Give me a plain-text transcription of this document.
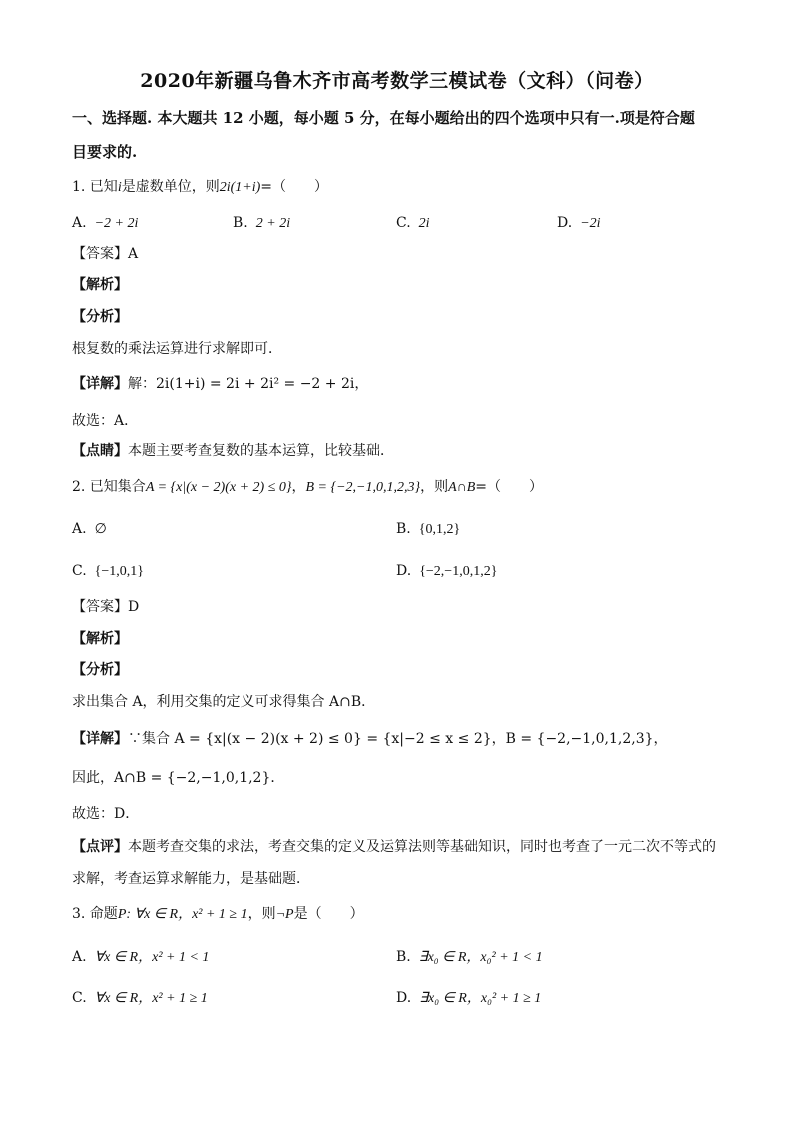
2020年新疆乌鲁木齐市高考数学三模试卷（文科）（问卷）
一、选择题. 本大题共 12 小题，每小题 5 分，在每小题给出的四个选项中只有一.项是符合题
目要求的.
1. 已知i是虚数单位，则2i(1+i)=（　　）
A. −2 + 2i	B. 2 + 2i	C. 2i	D. −2i
【答案】A
【解析】
【分析】
根复数的乘法运算进行求解即可．
【详解】解：2i(1+i) = 2i + 2i² = −2 + 2i，
故选：A．
【点睛】本题主要考查复数的基本运算，比较基础．
2. 已知集合A = {x|(x − 2)(x + 2) ≤ 0}，B = {−2,−1,0,1,2,3}，则A∩B=（　　）
A. ∅	B. {0,1,2}
C. {−1,0,1}	D. {−2,−1,0,1,2}
【答案】D
【解析】
【分析】
求出集合 A，利用交集的定义可求得集合 A∩B．
【详解】∵集合 A = {x|(x − 2)(x + 2) ≤ 0} = {x|−2 ≤ x ≤ 2}，B = {−2,−1,0,1,2,3}，
因此，A∩B = {−2,−1,0,1,2}．
故选：D．
【点评】本题考查交集的求法，考查交集的定义及运算法则等基础知识，同时也考查了一元二次不等式的
求解，考查运算求解能力，是基础题．
3. 命题P: ∀x ∈ R，x² + 1 ≥ 1，则¬P是（　　）
A. ∀x ∈ R，x² + 1 < 1	B. ∃x₀ ∈ R，x₀² + 1 < 1
C. ∀x ∈ R，x² + 1 ≥ 1	D. ∃x₀ ∈ R，x₀² + 1 ≥ 1
